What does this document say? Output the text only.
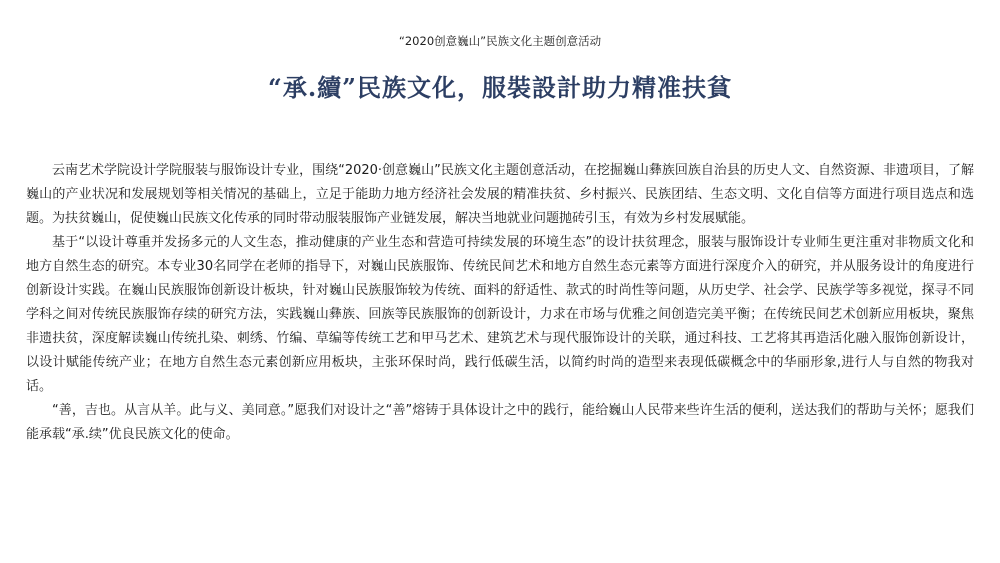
“2020创意巍山”民族文化主题创意活动
“承.續”民族文化，服裝設計助力精准扶貧

云南艺术学院设计学院服装与服饰设计专业，围绕“2020·创意巍山”民族文化主题创意活动，在挖掘巍山彝族回族自治县的历史人文、自然资源、非遗项目，了解巍山的产业状况和发展规划等相关情况的基础上，立足于能助力地方经济社会发展的精准扶贫、乡村振兴、民族团结、生态文明、文化自信等方面进行项目选点和选题。为扶贫巍山，促使巍山民族文化传承的同时带动服装服饰产业链发展，解决当地就业问题抛砖引玉，有效为乡村发展赋能。

基于“以设计尊重并发扬多元的人文生态，推动健康的产业生态和营造可持续发展的环境生态”的设计扶贫理念，服装与服饰设计专业师生更注重对非物质文化和地方自然生态的研究。本专业30名同学在老师的指导下，对巍山民族服饰、传统民间艺术和地方自然生态元素等方面进行深度介入的研究，并从服务设计的角度进行创新设计实践。在巍山民族服饰创新设计板块，针对巍山民族服饰较为传统、面料的舒适性、款式的时尚性等问题，从历史学、社会学、民族学等多视觉，探寻不同学科之间对传统民族服饰存续的研究方法，实践巍山彝族、回族等民族服饰的创新设计，力求在市场与优雅之间创造完美平衡；在传统民间艺术创新应用板块，聚焦非遗扶贫，深度解读巍山传统扎染、刺绣、竹编、草编等传统工艺和甲马艺术、建筑艺术与现代服饰设计的关联，通过科技、工艺将其再造活化融入服饰创新设计，以设计赋能传统产业；在地方自然生态元素创新应用板块，主张环保时尚，践行低碳生活，以简约时尚的造型来表现低碳概念中的华丽形象,进行人与自然的物我对话。

“善，吉也。从言从羊。此与义、美同意。”愿我们对设计之“善”熔铸于具体设计之中的践行，能给巍山人民带来些许生活的便利，送达我们的帮助与关怀；愿我们能承载“承.续”优良民族文化的使命。
